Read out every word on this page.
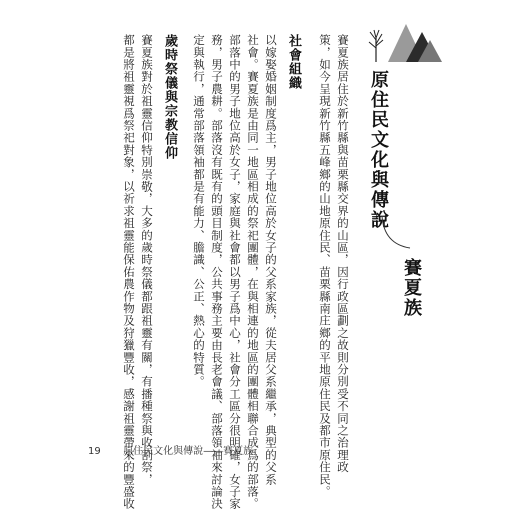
原住民文化與傳說
賽夏族
賽夏族居住於新竹縣與苗栗縣交界的山區，因行政區劃之故則分別受不同之治理政
策，如今呈現新竹縣五峰鄉的山地原住民、苗栗縣南庄鄉的平地原住民及都市原住民。
社會組織
以嫁娶婚姻制度爲主，男子地位高於女子的父系家族，從夫居父系繼承，典型的父系
社會。賽夏族是由同一地區相成的祭祀團體，在與相連的地區的團體相聯合成爲的部落。
部落中的男子地位高於女子，家庭與社會都以男子爲中心，社會分工區分很明確，女子家
務，男子農耕。部落沒有既有的頭目制度，公共事務主要由長老會議、部落領袖來討論決
定與執行，通常部落領袖都是有能力、膽識、公正、熱心的特質。
歲時祭儀與宗教信仰
賽夏族對於祖靈信仰特別崇敬，大多的歲時祭儀都跟祖靈有關，有播種祭與收割祭，
都是將祖靈視爲祭祀對象，以祈求祖靈能保佑農作物及狩獵豐收，感謝祖靈帶來的豐盛收
19 原住民文化與傳說——賽夏族
